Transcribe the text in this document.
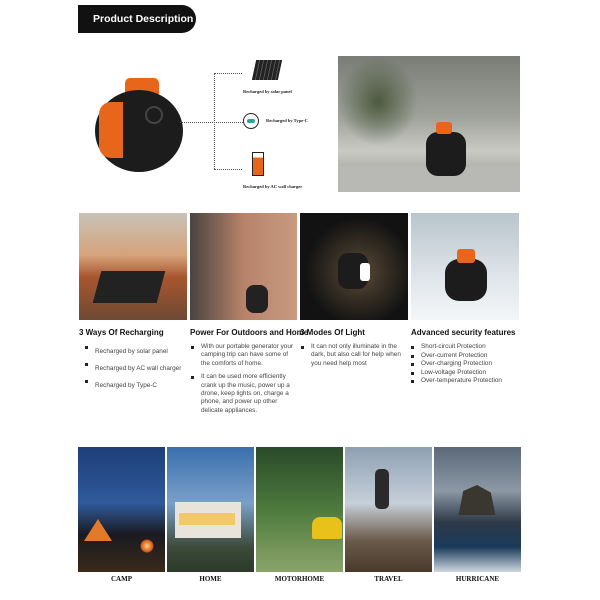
Product Description
Recharged by solar panel
Recharged by Type-C
Recharged by AC wall charger
3 Ways Of Recharging
Recharged by solar panel
Recharged by AC wall charger
Recharged by Type-C
Power For Outdoors and Home
With our portable generator your camping trip can have some of the comforts of home.
It can be used more efficiently crank up the music, power up a drone, keep lights on, charge a phone, and power up other delicate appliances.
3 Modes Of Light
It can not only illuminate in the dark, but also call for help when you need help most
Advanced security features
Short-circuit Protection
Over-current Protection
Over-charging Protection
Low-voltage Protection
Over-temperature Protection
CAMP	HOME	MOTORHOME	TRAVEL	HURRICANE
